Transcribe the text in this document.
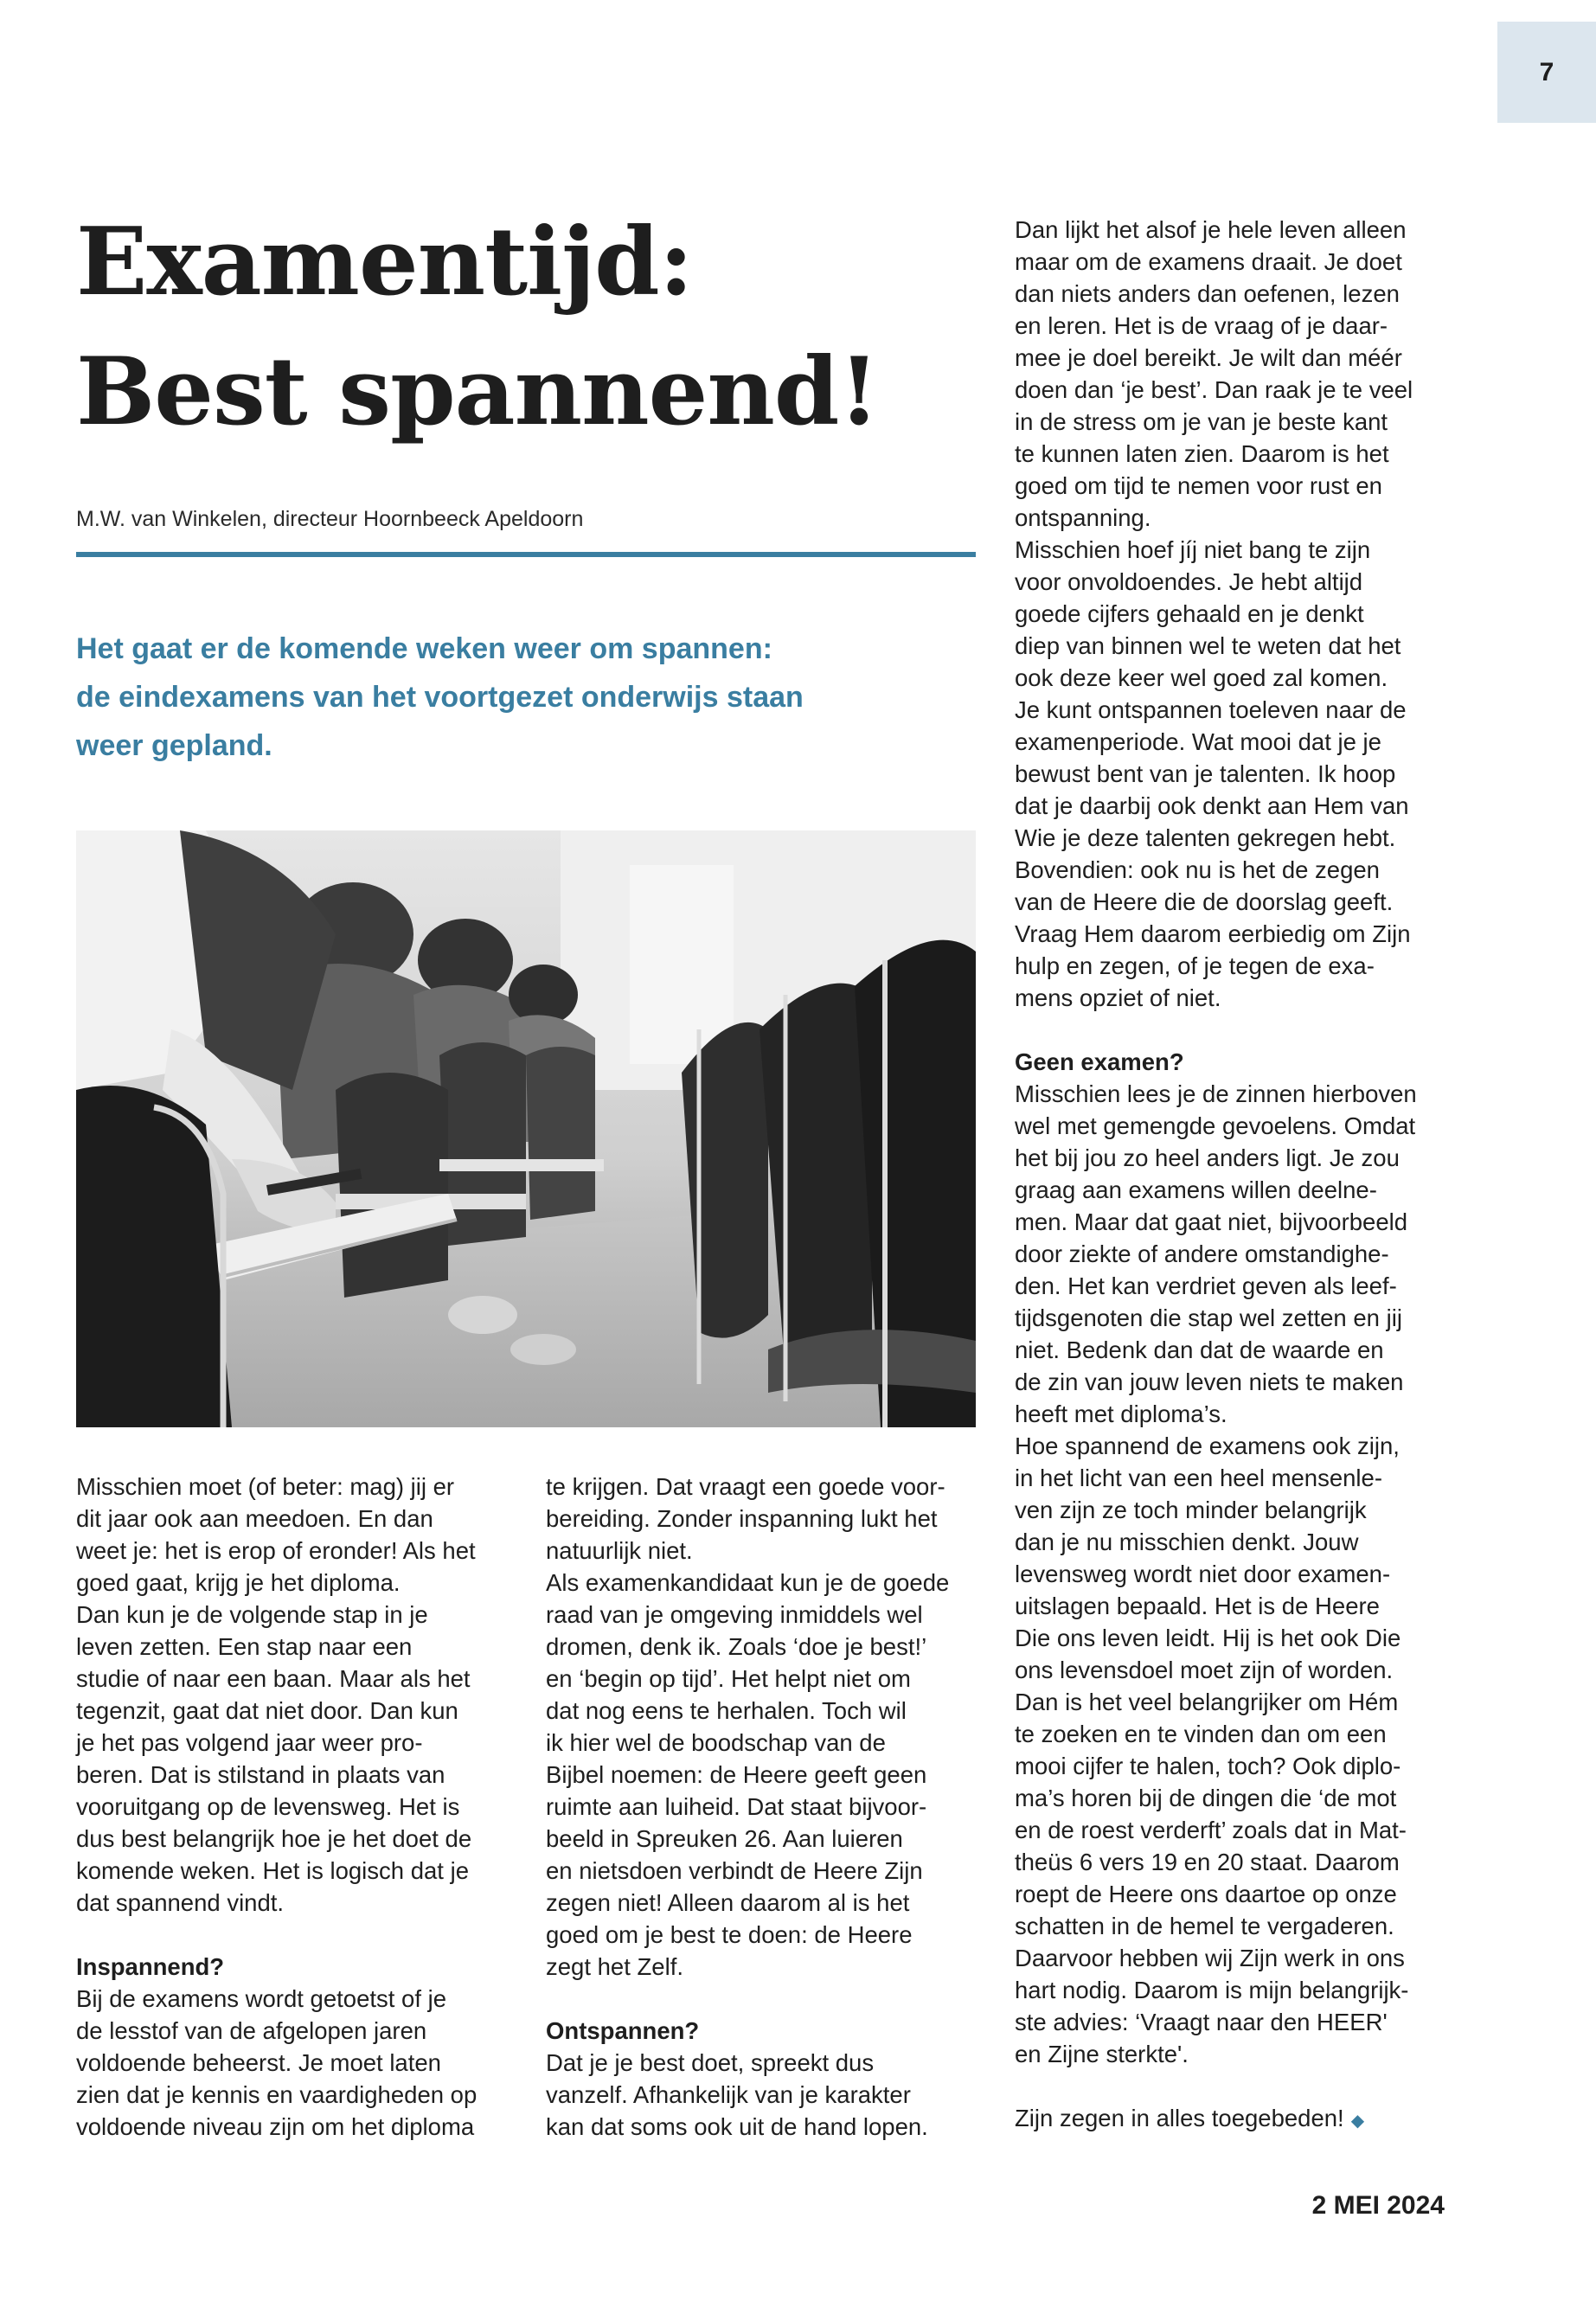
7
Examentijd:
Best spannend!
M.W. van Winkelen, directeur Hoornbeeck Apeldoorn
Het gaat er de komende weken weer om spannen:
de eindexamens van het voortgezet onderwijs staan
weer gepland.
Misschien moet (of beter: mag) jij er
dit jaar ook aan meedoen. En dan
weet je: het is erop of eronder! Als het
goed gaat, krijg je het diploma.
Dan kun je de volgende stap in je
leven zetten. Een stap naar een
studie of naar een baan. Maar als het
tegenzit, gaat dat niet door. Dan kun
je het pas volgend jaar weer pro-
beren. Dat is stilstand in plaats van
vooruitgang op de levensweg. Het is
dus best belangrijk hoe je het doet de
komende weken. Het is logisch dat je
dat spannend vindt.
Inspannend?
Bij de examens wordt getoetst of je
de lesstof van de afgelopen jaren
voldoende beheerst. Je moet laten
zien dat je kennis en vaardigheden op
voldoende niveau zijn om het diploma
te krijgen. Dat vraagt een goede voor-
bereiding. Zonder inspanning lukt het
natuurlijk niet.
Als examenkandidaat kun je de goede
raad van je omgeving inmiddels wel
dromen, denk ik. Zoals ‘doe je best!’
en ‘begin op tijd’. Het helpt niet om
dat nog eens te herhalen. Toch wil
ik hier wel de boodschap van de
Bijbel noemen: de Heere geeft geen
ruimte aan luiheid. Dat staat bijvoor-
beeld in Spreuken 26. Aan luieren
en nietsdoen verbindt de Heere Zijn
zegen niet! Alleen daarom al is het
goed om je best te doen: de Heere
zegt het Zelf.
Ontspannen?
Dat je je best doet, spreekt dus
vanzelf. Afhankelijk van je karakter
kan dat soms ook uit de hand lopen.
Dan lijkt het alsof je hele leven alleen
maar om de examens draait. Je doet
dan niets anders dan oefenen, lezen
en leren. Het is de vraag of je daar-
mee je doel bereikt. Je wilt dan méér
doen dan ‘je best’. Dan raak je te veel
in de stress om je van je beste kant
te kunnen laten zien. Daarom is het
goed om tijd te nemen voor rust en
ontspanning.
Misschien hoef jíj niet bang te zijn
voor onvoldoendes. Je hebt altijd
goede cijfers gehaald en je denkt
diep van binnen wel te weten dat het
ook deze keer wel goed zal komen.
Je kunt ontspannen toeleven naar de
examenperiode. Wat mooi dat je je
bewust bent van je talenten. Ik hoop
dat je daarbij ook denkt aan Hem van
Wie je deze talenten gekregen hebt.
Bovendien: ook nu is het de zegen
van de Heere die de doorslag geeft.
Vraag Hem daarom eerbiedig om Zijn
hulp en zegen, of je tegen de exa-
mens opziet of niet.
Geen examen?
Misschien lees je de zinnen hierboven
wel met gemengde gevoelens. Omdat
het bij jou zo heel anders ligt. Je zou
graag aan examens willen deelne-
men. Maar dat gaat niet, bijvoorbeeld
door ziekte of andere omstandighe-
den. Het kan verdriet geven als leef-
tijdsgenoten die stap wel zetten en jij
niet. Bedenk dan dat de waarde en
de zin van jouw leven niets te maken
heeft met diploma’s.
Hoe spannend de examens ook zijn,
in het licht van een heel mensenle-
ven zijn ze toch minder belangrijk
dan je nu misschien denkt. Jouw
levensweg wordt niet door examen-
uitslagen bepaald. Het is de Heere
Die ons leven leidt. Hij is het ook Die
ons levensdoel moet zijn of worden.
Dan is het veel belangrijker om Hém
te zoeken en te vinden dan om een
mooi cijfer te halen, toch? Ook diplo-
ma’s horen bij de dingen die ‘de mot
en de roest verderft’ zoals dat in Mat-
theüs 6 vers 19 en 20 staat. Daarom
roept de Heere ons daartoe op onze
schatten in de hemel te vergaderen.
Daarvoor hebben wij Zijn werk in ons
hart nodig. Daarom is mijn belangrijk-
ste advies: ‘Vraagt naar den HEER'
en Zijne sterkte'.
Zijn zegen in alles toegebeden! ◆
2 MEI 2024
